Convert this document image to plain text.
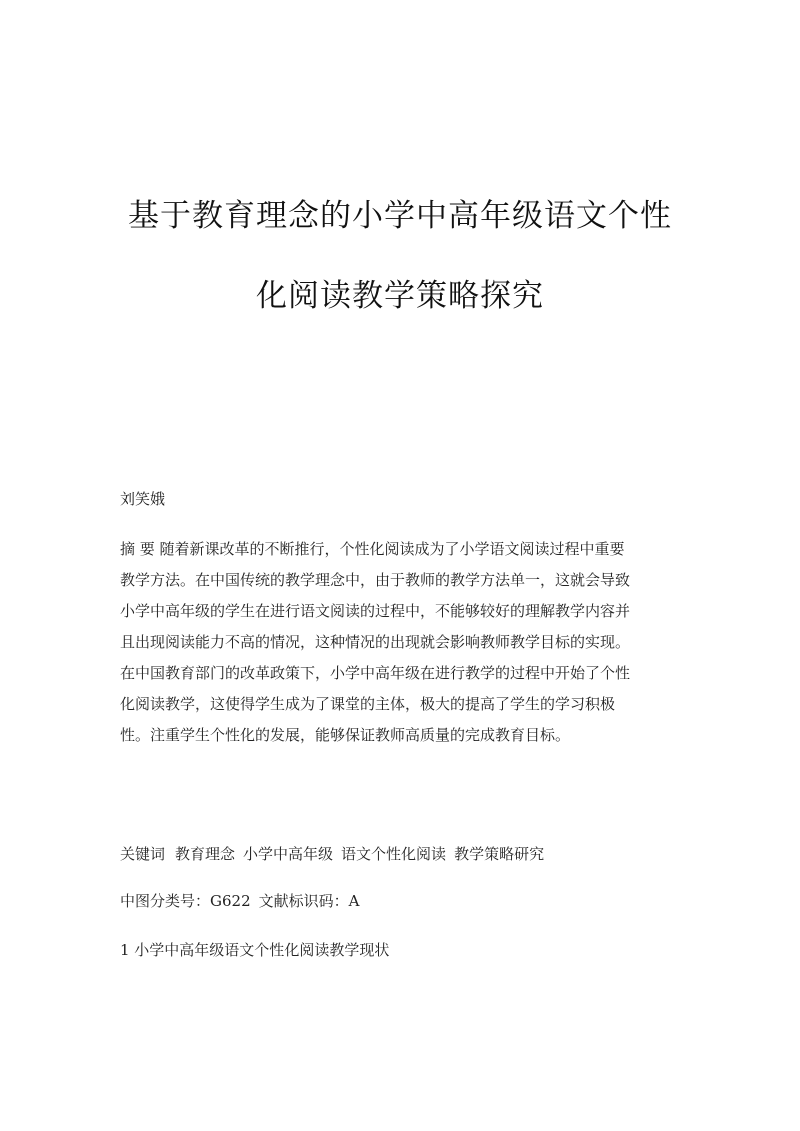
基于教育理念的小学中高年级语文个性
化阅读教学策略探究
刘笑娥
摘 要 随着新课改革的不断推行，个性化阅读成为了小学语文阅读过程中重要
教学方法。在中国传统的教学理念中，由于教师的教学方法单一，这就会导致
小学中高年级的学生在进行语文阅读的过程中，不能够较好的理解教学内容并
且出现阅读能力不高的情况，这种情况的出现就会影响教师教学目标的实现。
在中国教育部门的改革政策下，小学中高年级在进行教学的过程中开始了个性
化阅读教学，这使得学生成为了课堂的主体，极大的提高了学生的学习积极
性。注重学生个性化的发展，能够保证教师高质量的完成教育目标。
关键词 教育理念 小学中高年级 语文个性化阅读 教学策略研究
中图分类号：G622 文献标识码：A
1 小学中高年级语文个性化阅读教学现状
